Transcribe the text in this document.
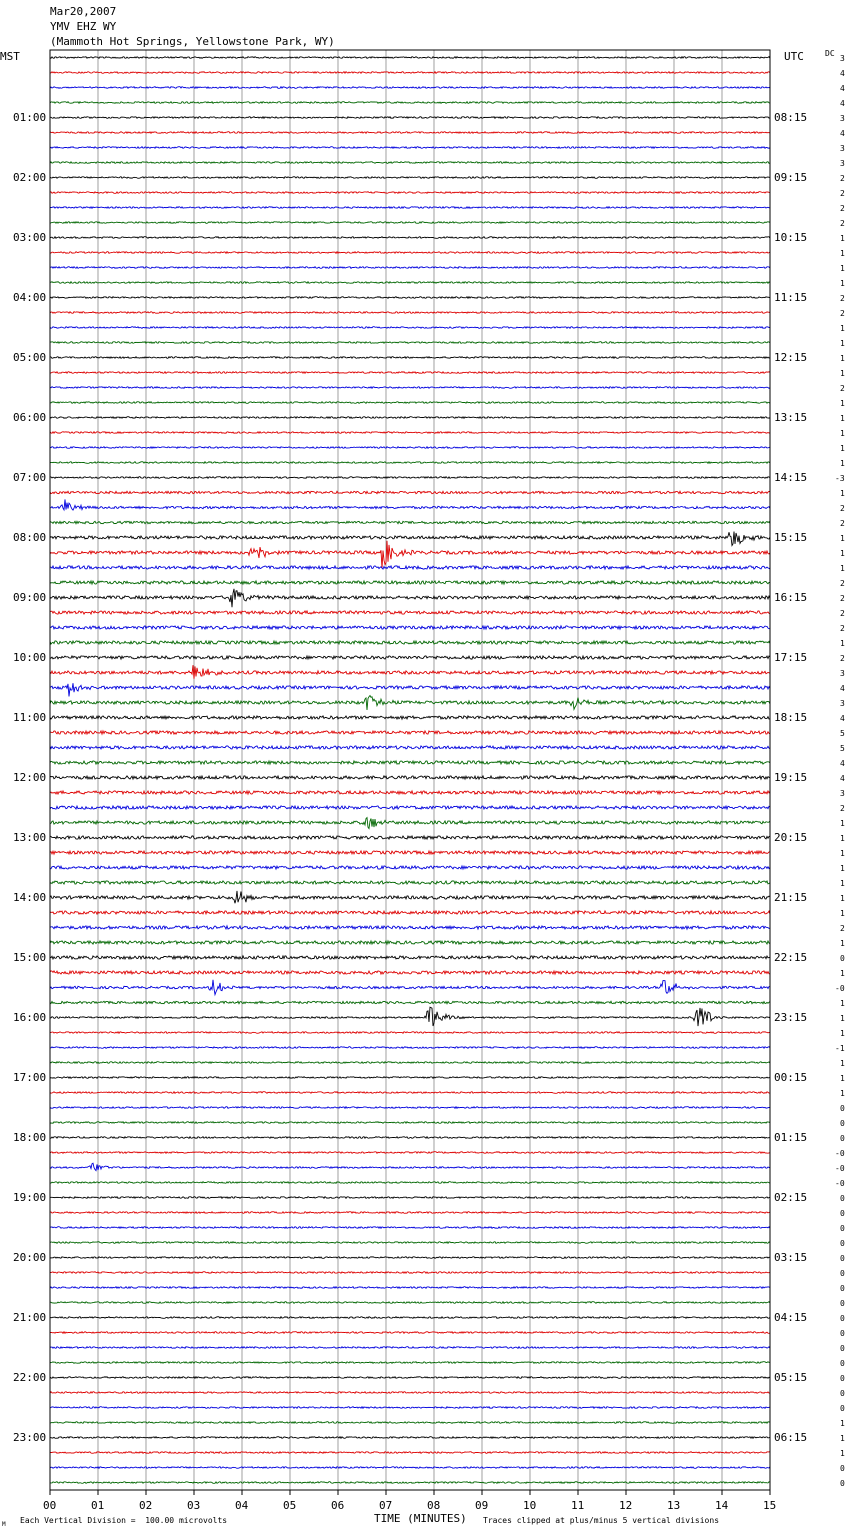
Mar20,2007
YMV EHZ WY
(Mammoth Hot Springs, Yellowstone Park, WY)
MST	UTC	DC
01:00
02:00
03:00
04:00
05:00
06:00
07:00
08:00
09:00
10:00
11:00
12:00
13:00
14:00
15:00
16:00
17:00
18:00
19:00
20:00
21:00
22:00
23:00
08:15
09:15
10:15
11:15
12:15
13:15
14:15
15:15
16:15
17:15
18:15
19:15
20:15
21:15
22:15
23:15
00:15
01:15
02:15
03:15
04:15
05:15
06:15
3
4
4
4
3
4
3
3
2
2
2
2
1
1
1
1
2
2
1
1
1
1
2
1
1
1
1
1
-3
1
2
2
1
1
1
2
2
2
2
1
2
3
4
3
4
5
5
4
4
3
2
1
1
1
1
1
1
1
2
1
0
1
-0
1
1
1
-1
1
1
1
0
0
0
-0
-0
-0
0
0
0
0
0
0
0
0
0
0
0
0
0
0
0
1
1
1
0
0
00	01	02	03	04	05	06	07	08	09	10	11	12	13	14	15
TIME (MINUTES)
Each Vertical Division =  100.00 microvolts	Traces clipped at plus/minus 5 vertical divisions
M
